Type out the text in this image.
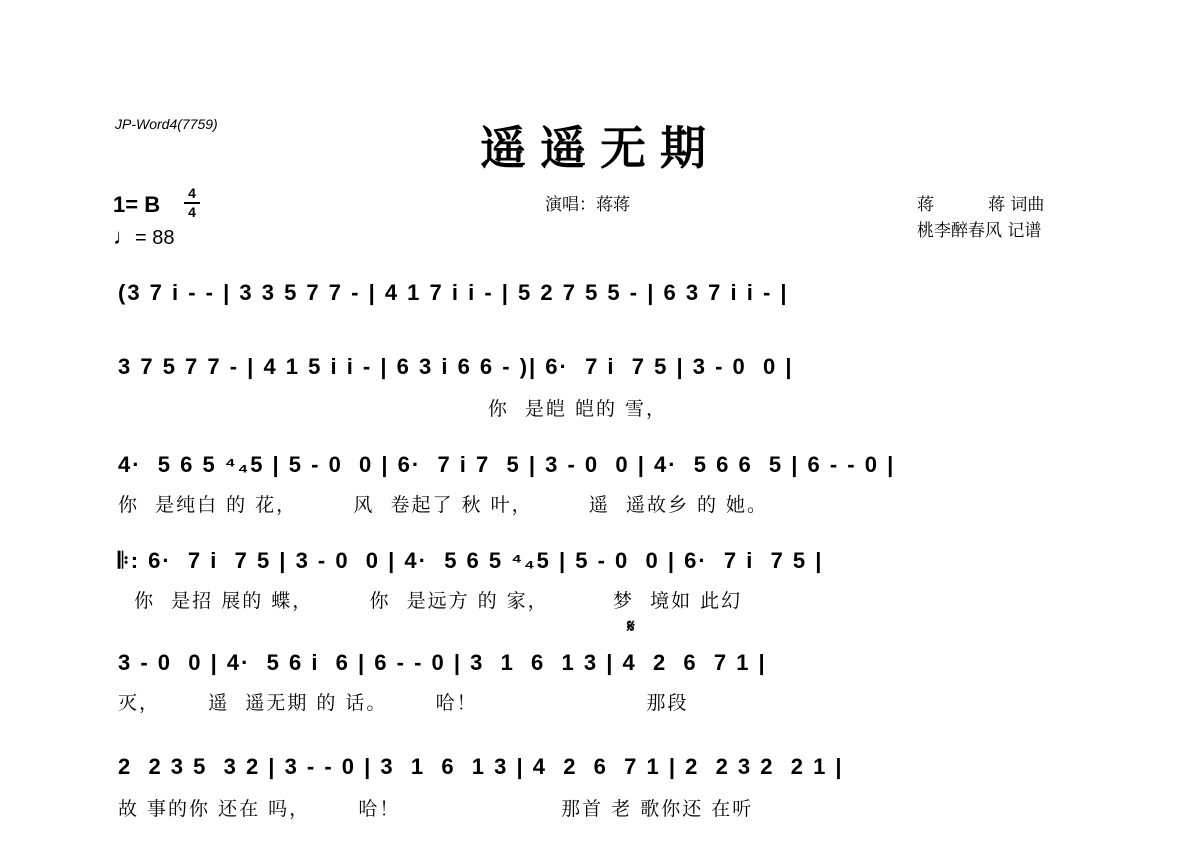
JP-Word4(7759)	遥遥无期
1= B 4
4
♩= 88
演唱：蒋蒋	蒋	蒋 词曲
桃李醉春风 记谱
(3 7 i - - | 3 3 5 7 7 - | 4 1 7 i i - | 5 2 7 5 5 - | 6 3 7 i i - |
3 7 5 7 7 - | 4 1 5 i i - | 6 3 i 6 6 - )| 6·  7 i  7 5 | 3 - 0  0 |
你  是皑 皑的 雪，
4·  5 6 5 ⁴₄5 | 5 - 0  0 | 6·  7 i 7  5 | 3 - 0  0 | 4·  5 6 6  5 | 6 - - 0 |
你  是纯白 的 花，       风  卷起了 秋 叶，       遥  遥故乡 的 她。
𝄆: 6·  7 i  7 5 | 3 - 0  0 | 4·  5 6 5 ⁴₄5 | 5 - 0  0 | 6·  7 i  7 5 |
你  是招 展的 蝶，       你  是远方 的 家，        梦  境如 此幻
𝄋
3 - 0  0 | 4·  5 6 i  6 | 6 - - 0 | 3  1  6  1 3 | 4  2  6  7 1 |
灭，      遥  遥无期 的 话。      哈！                     那段
2  2 3 5  3 2 | 3 - - 0 | 3  1  6  1 3 | 4  2  6  7 1 | 2  2 3 2  2 1 |
故 事的你 还在 吗，      哈！                    那首 老 歌你还 在听
